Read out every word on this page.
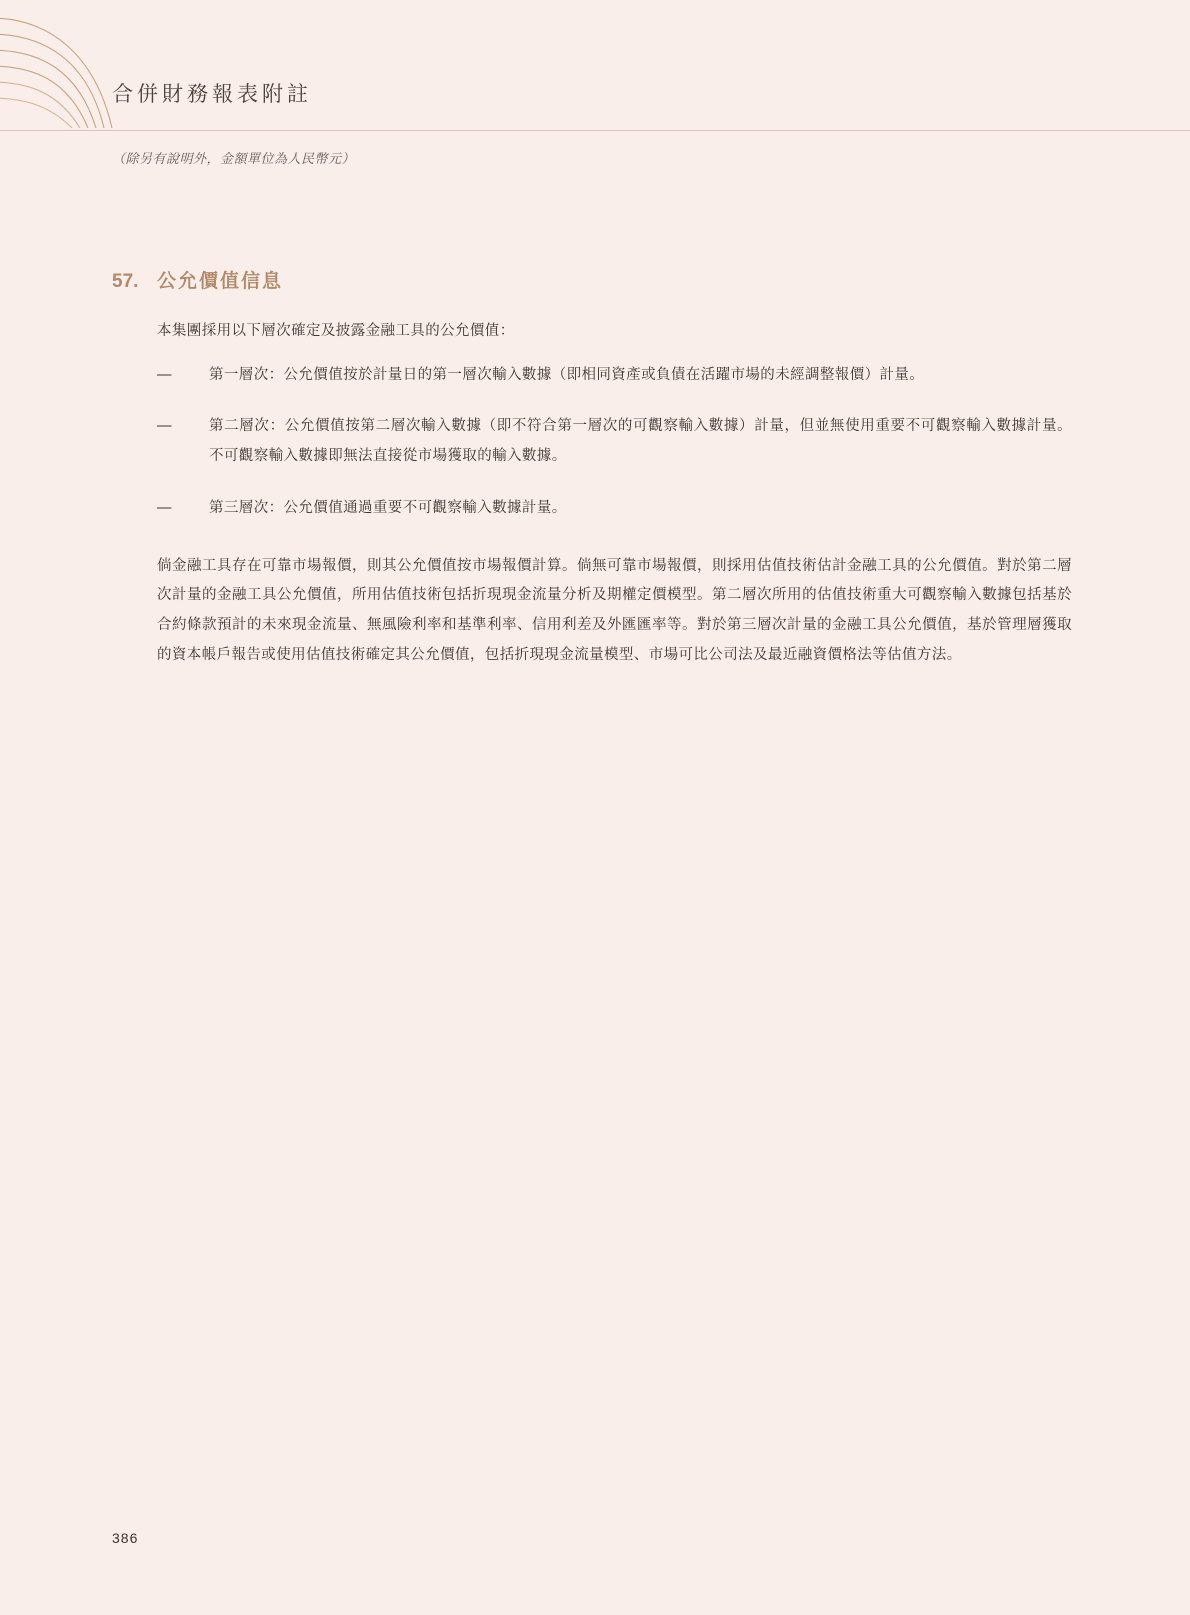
合併財務報表附註
（除另有說明外，金額單位為人民幣元）
57. 公允價值信息

本集團採用以下層次確定及披露金融工具的公允價值：

—	第一層次：公允價值按於計量日的第一層次輸入數據（即相同資產或負債在活躍市場的未經調整報價）計量。
—	第二層次：公允價值按第二層次輸入數據（即不符合第一層次的可觀察輸入數據）計量，但並無使用重要不可觀察輸入數據計量。不可觀察輸入數據即無法直接從市場獲取的輸入數據。
—	第三層次：公允價值通過重要不可觀察輸入數據計量。

倘金融工具存在可靠市場報價，則其公允價值按市場報價計算。倘無可靠市場報價，則採用估值技術估計金融工具的公允價值。對於第二層次計量的金融工具公允價值，所用估值技術包括折現現金流量分析及期權定價模型。第二層次所用的估值技術重大可觀察輸入數據包括基於合約條款預計的未來現金流量、無風險利率和基準利率、信用利差及外匯匯率等。對於第三層次計量的金融工具公允價值，基於管理層獲取的資本帳戶報告或使用估值技術確定其公允價值，包括折現現金流量模型、市場可比公司法及最近融資價格法等估值方法。

386
